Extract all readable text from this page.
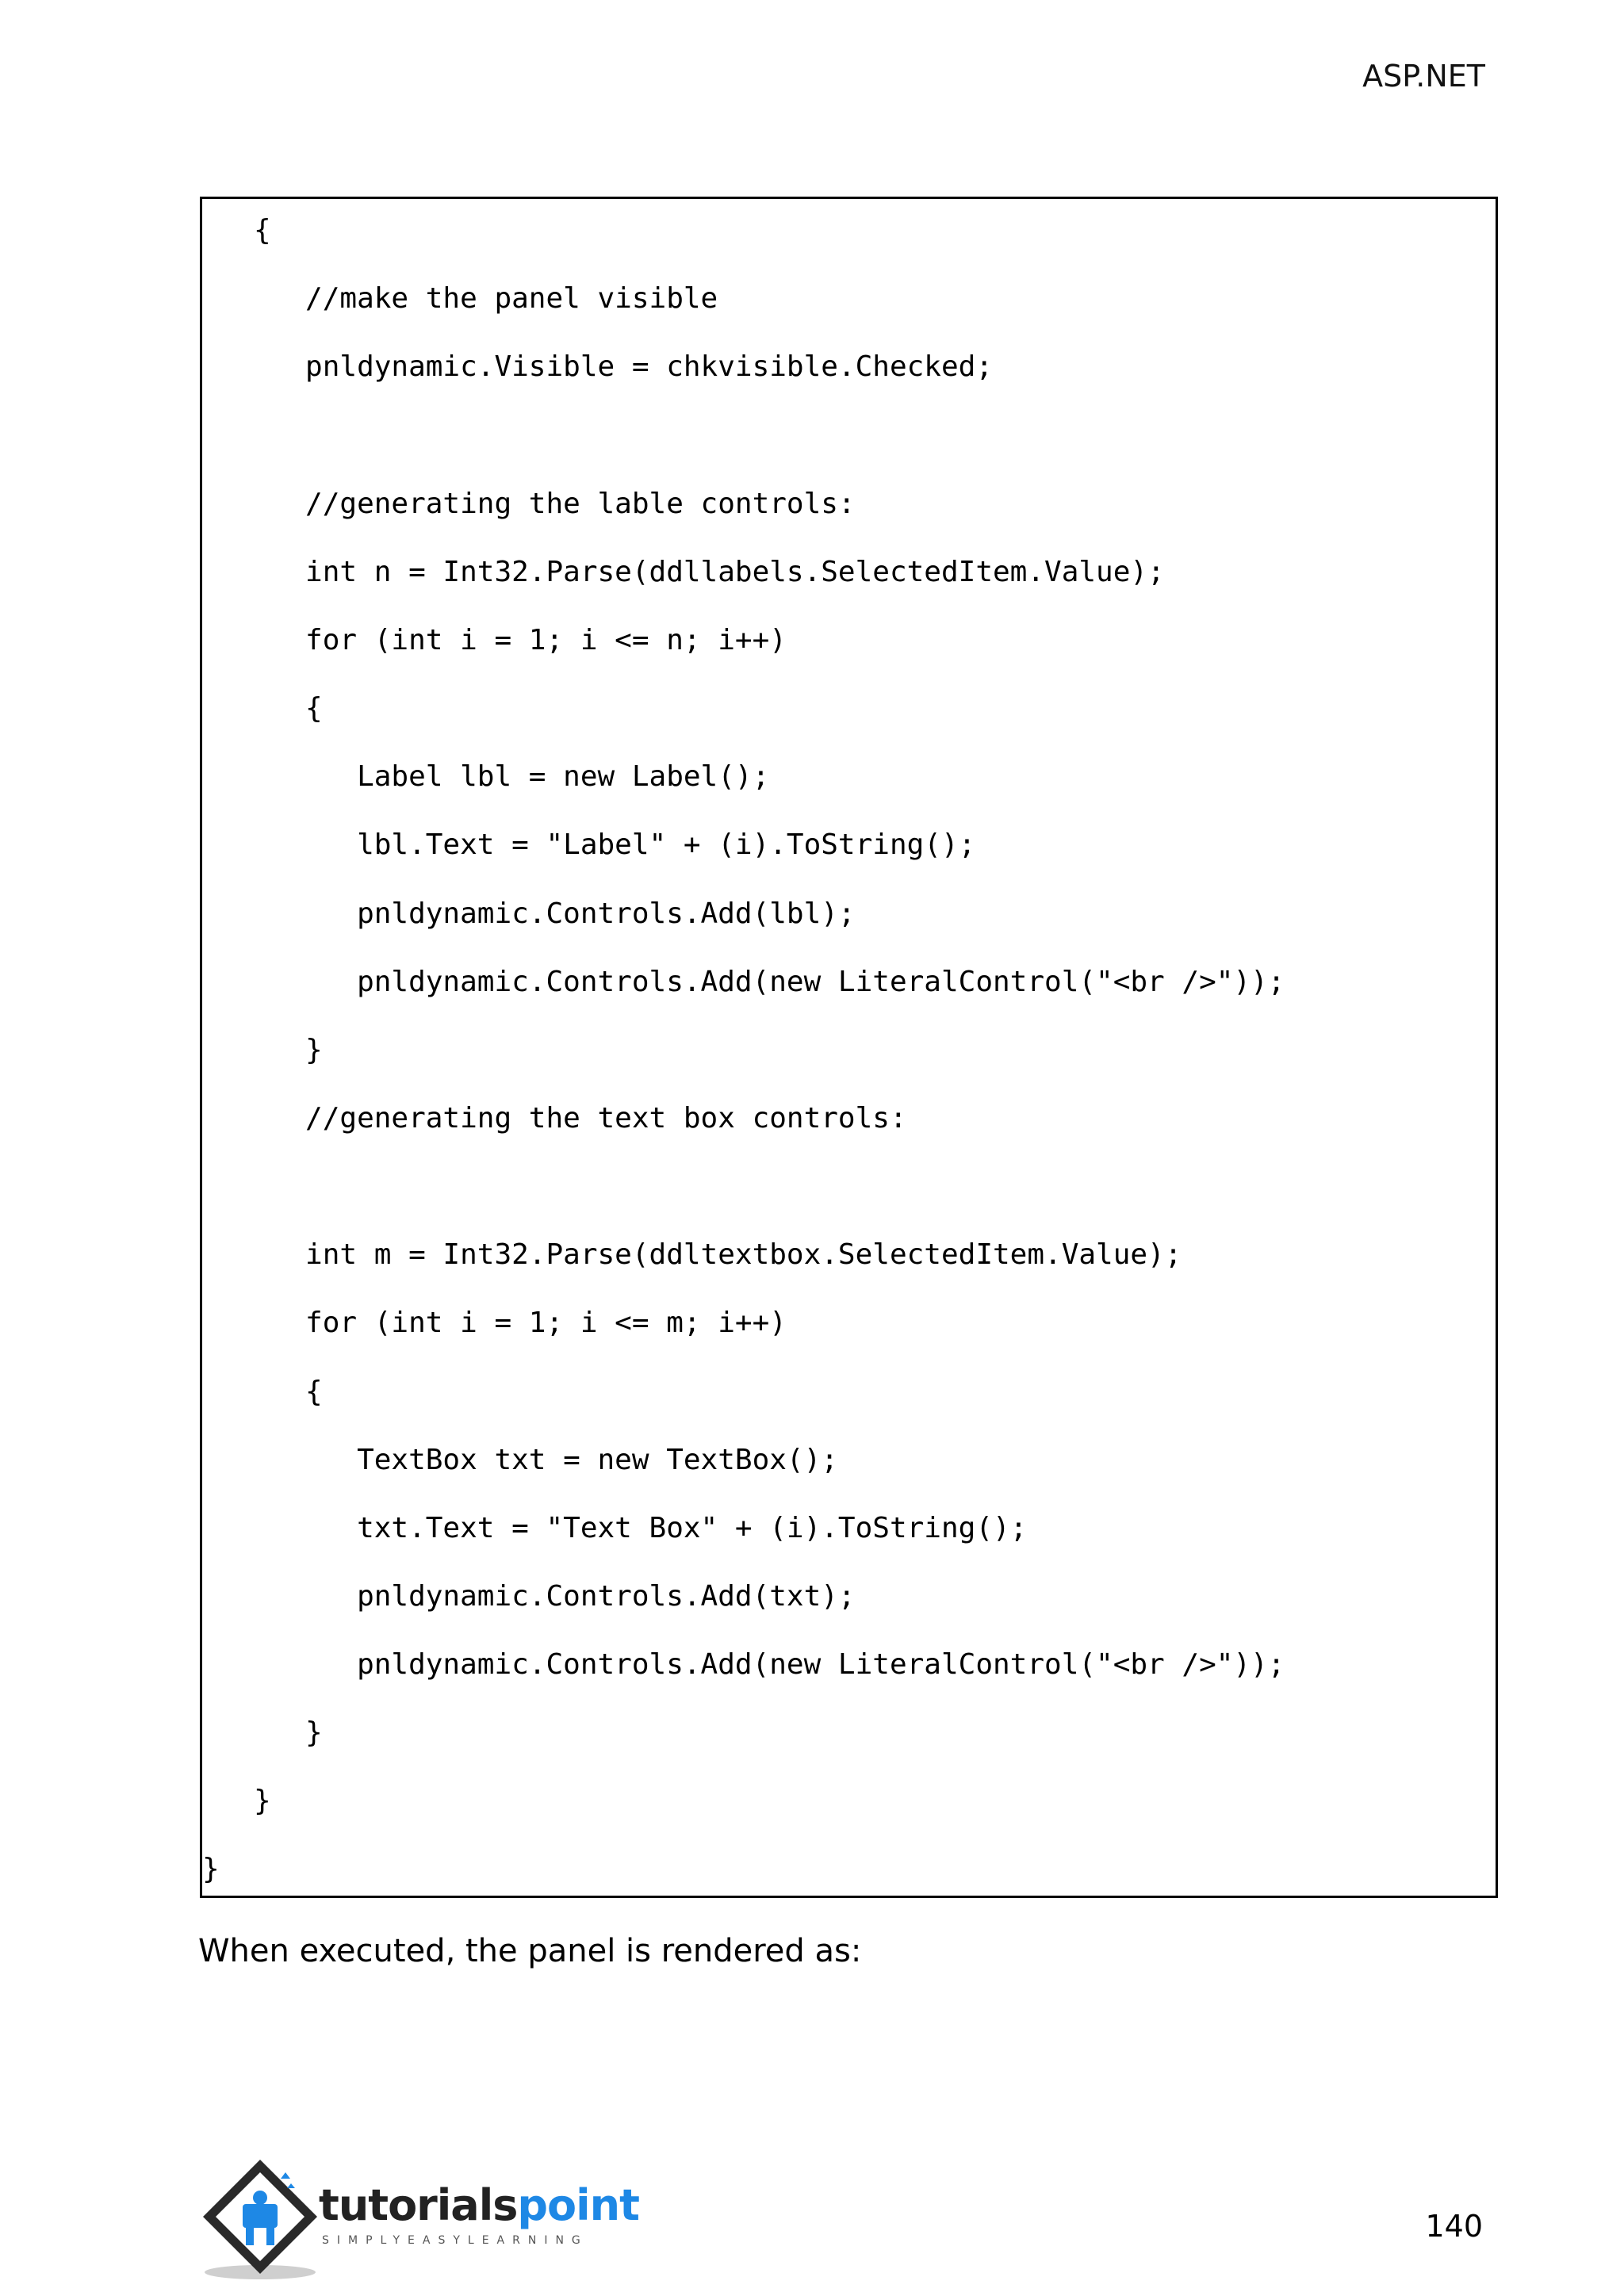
ASP.NET
{
//make the panel visible
pnldynamic.Visible = chkvisible.Checked;
//generating the lable controls:
int n = Int32.Parse(ddllabels.SelectedItem.Value);
for (int i = 1; i <= n; i++)
{
Label lbl = new Label();
lbl.Text = "Label" + (i).ToString();
pnldynamic.Controls.Add(lbl);
pnldynamic.Controls.Add(new LiteralControl("<br />"));
}
//generating the text box controls:
int m = Int32.Parse(ddltextbox.SelectedItem.Value);
for (int i = 1; i <= m; i++)
{
TextBox txt = new TextBox();
txt.Text = "Text Box" + (i).ToString();
pnldynamic.Controls.Add(txt);
pnldynamic.Controls.Add(new LiteralControl("<br />"));
}
}
}
When executed, the panel is rendered as:
tutorialspoint
SIMPLYEASYLEARNING	140
